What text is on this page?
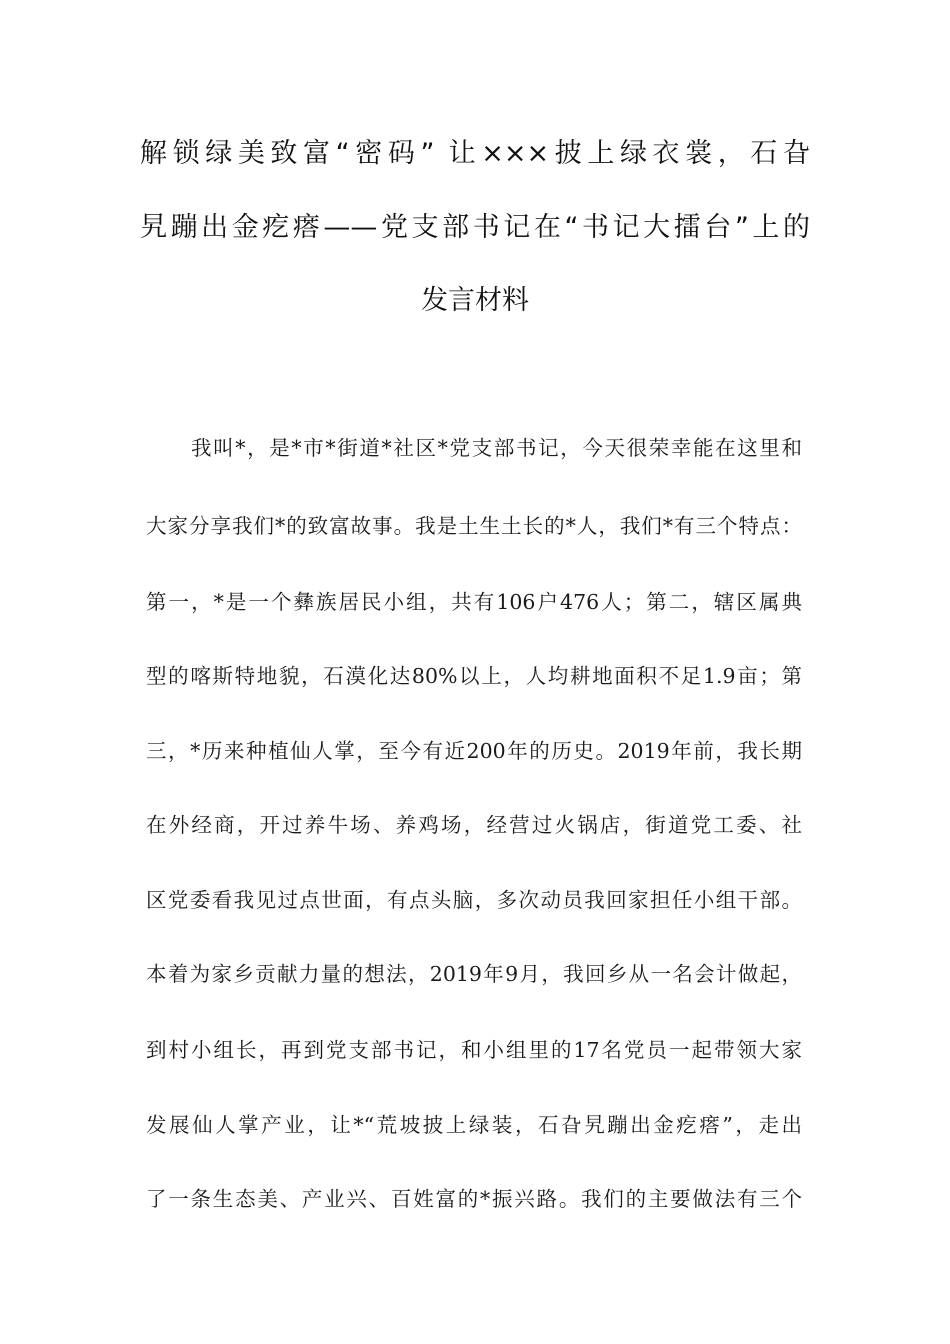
解锁绿美致富“密码” 让×××披上绿衣裳，石旮
旯蹦出金疙瘩——党支部书记在“书记大擂台”上的
发言材料
我叫*，是*市*街道*社区*党支部书记，今天很荣幸能在这里和
大家分享我们*的致富故事。我是土生土长的*人，我们*有三个特点：
第一，*是一个彝族居民小组，共有106户476人；第二，辖区属典
型的喀斯特地貌，石漠化达80%以上，人均耕地面积不足1.9亩；第
三，*历来种植仙人掌，至今有近200年的历史。2019年前，我长期
在外经商，开过养牛场、养鸡场，经营过火锅店，街道党工委、社
区党委看我见过点世面，有点头脑，多次动员我回家担任小组干部。
本着为家乡贡献力量的想法，2019年9月，我回乡从一名会计做起，
到村小组长，再到党支部书记，和小组里的17名党员一起带领大家
发展仙人掌产业，让*“荒坡披上绿装，石旮旯蹦出金疙瘩”，走出
了一条生态美、产业兴、百姓富的*振兴路。我们的主要做法有三个
